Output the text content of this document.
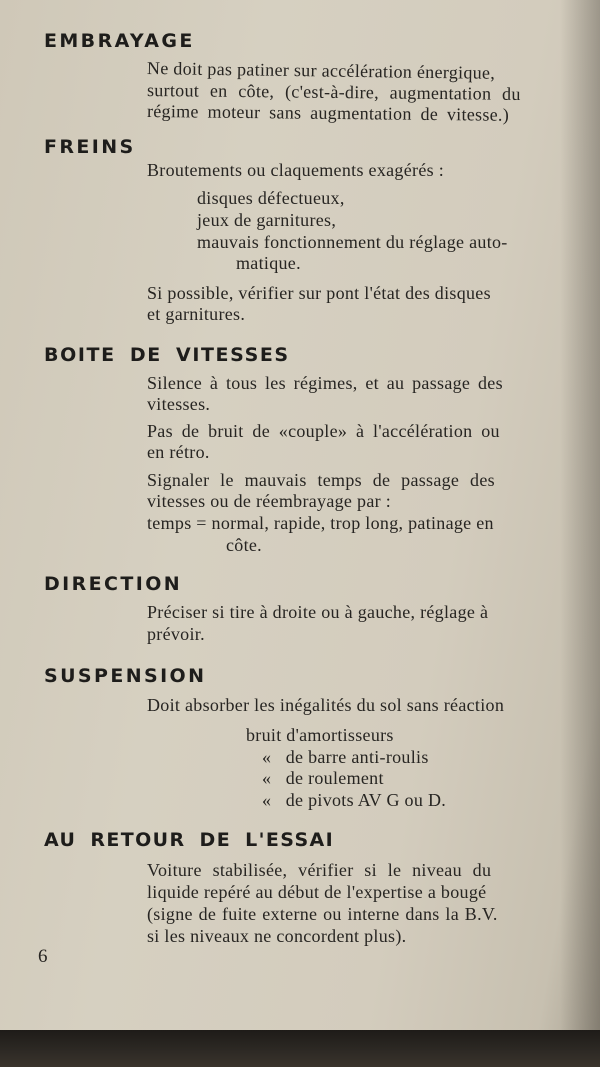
EMBRAYAGE
Ne doit pas patiner sur accélération énergique,
surtout en côte, (c'est-à-dire, augmentation du
régime moteur sans augmentation de vitesse.)
FREINS
Broutements ou claquements exagérés :
disques défectueux,
jeux de garnitures,
mauvais fonctionnement du réglage auto-
matique.
Si possible, vérifier sur pont l'état des disques
et garnitures.
BOITE DE VITESSES
Silence à tous les régimes, et au passage des
vitesses.
Pas de bruit de «couple» à l'accélération ou
en rétro.
Signaler le mauvais temps de passage des
vitesses ou de réembrayage par :
temps = normal, rapide, trop long, patinage en
côte.
DIRECTION
Préciser si tire à droite ou à gauche, réglage à
prévoir.
SUSPENSION
Doit absorber les inégalités du sol sans réaction
bruit d'amortisseurs
«   de barre anti-roulis
«   de roulement
«   de pivots AV G ou D.
AU RETOUR DE L'ESSAI
Voiture stabilisée, vérifier si le niveau du
liquide repéré au début de l'expertise a bougé
(signe de fuite externe ou interne dans la B.V.
si les niveaux ne concordent plus).
6
